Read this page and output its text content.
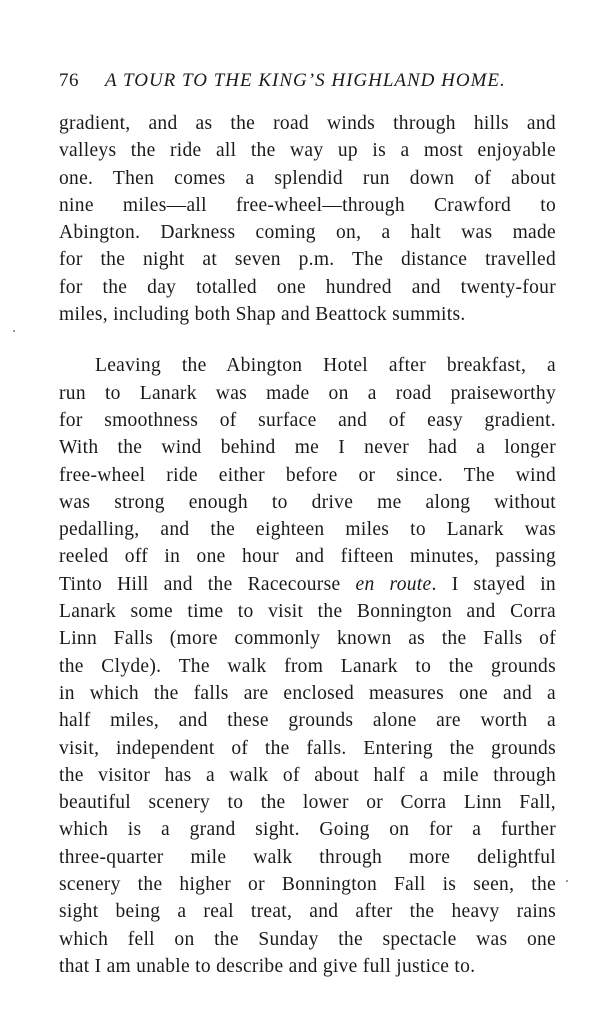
76 A TOUR TO THE KING’S HIGHLAND HOME.
gradient, and as the road winds through hills and
valleys the ride all the way up is a most enjoyable
one. Then comes a splendid run down of about
nine miles—all free-wheel—through Crawford to
Abington. Darkness coming on, a halt was made
for the night at seven p.m. The distance travelled
for the day totalled one hundred and twenty-four
miles, including both Shap and Beattock summits.
Leaving the Abington Hotel after breakfast, a
run to Lanark was made on a road praiseworthy
for smoothness of surface and of easy gradient.
With the wind behind me I never had a longer
free-wheel ride either before or since. The wind
was strong enough to drive me along without
pedalling, and the eighteen miles to Lanark was
reeled off in one hour and fifteen minutes, passing
Tinto Hill and the Racecourse en route. I stayed in
Lanark some time to visit the Bonnington and Corra
Linn Falls (more commonly known as the Falls of
the Clyde). The walk from Lanark to the grounds
in which the falls are enclosed measures one and a
half miles, and these grounds alone are worth a
visit, independent of the falls. Entering the grounds
the visitor has a walk of about half a mile through
beautiful scenery to the lower or Corra Linn Fall,
which is a grand sight. Going on for a further
three-quarter mile walk through more delightful
scenery the higher or Bonnington Fall is seen, the
sight being a real treat, and after the heavy rains
which fell on the Sunday the spectacle was one
that I am unable to describe and give full justice to.
